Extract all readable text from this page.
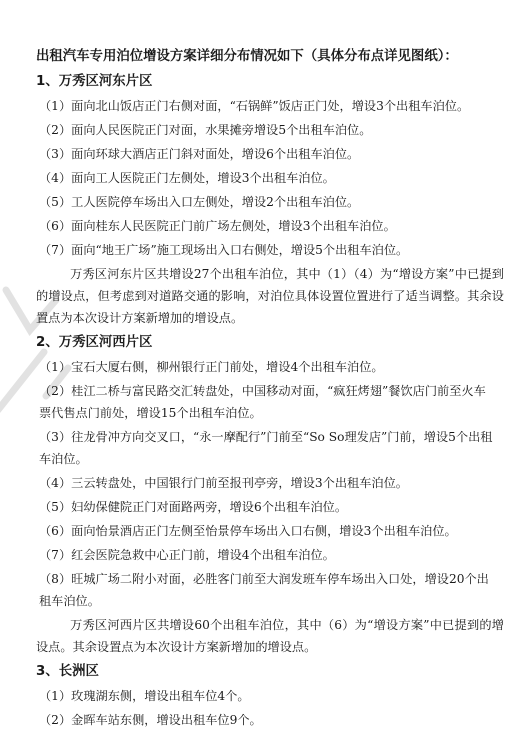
出租汽车专用泊位增设方案详细分布情况如下（具体分布点详见图纸）：
1、万秀区河东片区
（1）面向北山饭店正门右侧对面，“石锅鲜”饭店正门处，增设3个出租车泊位。
（2）面向人民医院正门对面，水果摊旁增设5个出租车泊位。
（3）面向环球大酒店正门斜对面处，增设6个出租车泊位。
（4）面向工人医院正门左侧处，增设3个出租车泊位。
（5）工人医院停车场出入口左侧处，增设2个出租车泊位。
（6）面向桂东人民医院正门前广场左侧处，增设3个出租车泊位。
（7）面向“地王广场”施工现场出入口右侧处，增设5个出租车泊位。
万秀区河东片区共增设27个出租车泊位，其中（1）（4）为“增设方案”中已提到的增设点，但考虑到对道路交通的影响，对泊位具体设置位置进行了适当调整。其余设置点为本次设计方案新增加的增设点。
2、万秀区河西片区
（1）宝石大厦右侧，柳州银行正门前处，增设4个出租车泊位。
（2）桂江二桥与富民路交汇转盘处，中国移动对面，“疯狂烤翅”餐饮店门前至火车票代售点门前处，增设15个出租车泊位。
（3）往龙骨冲方向交叉口，“永一摩配行”门前至“So So理发店”门前，增设5个出租车泊位。
（4）三云转盘处，中国银行门前至报刊亭旁，增设3个出租车泊位。
（5）妇幼保健院正门对面路两旁，增设6个出租车泊位。
（6）面向怡景酒店正门左侧至怡景停车场出入口右侧，增设3个出租车泊位。
（7）红会医院急救中心正门前，增设4个出租车泊位。
（8）旺城广场二附小对面，必胜客门前至大润发班车停车场出入口处，增设20个出租车泊位。
万秀区河西片区共增设60个出租车泊位，其中（6）为“增设方案”中已提到的增设点。其余设置点为本次设计方案新增加的增设点。
3、长洲区
（1）玫瑰湖东侧，增设出租车位4个。
（2）金晖车站东侧，增设出租车位9个。
